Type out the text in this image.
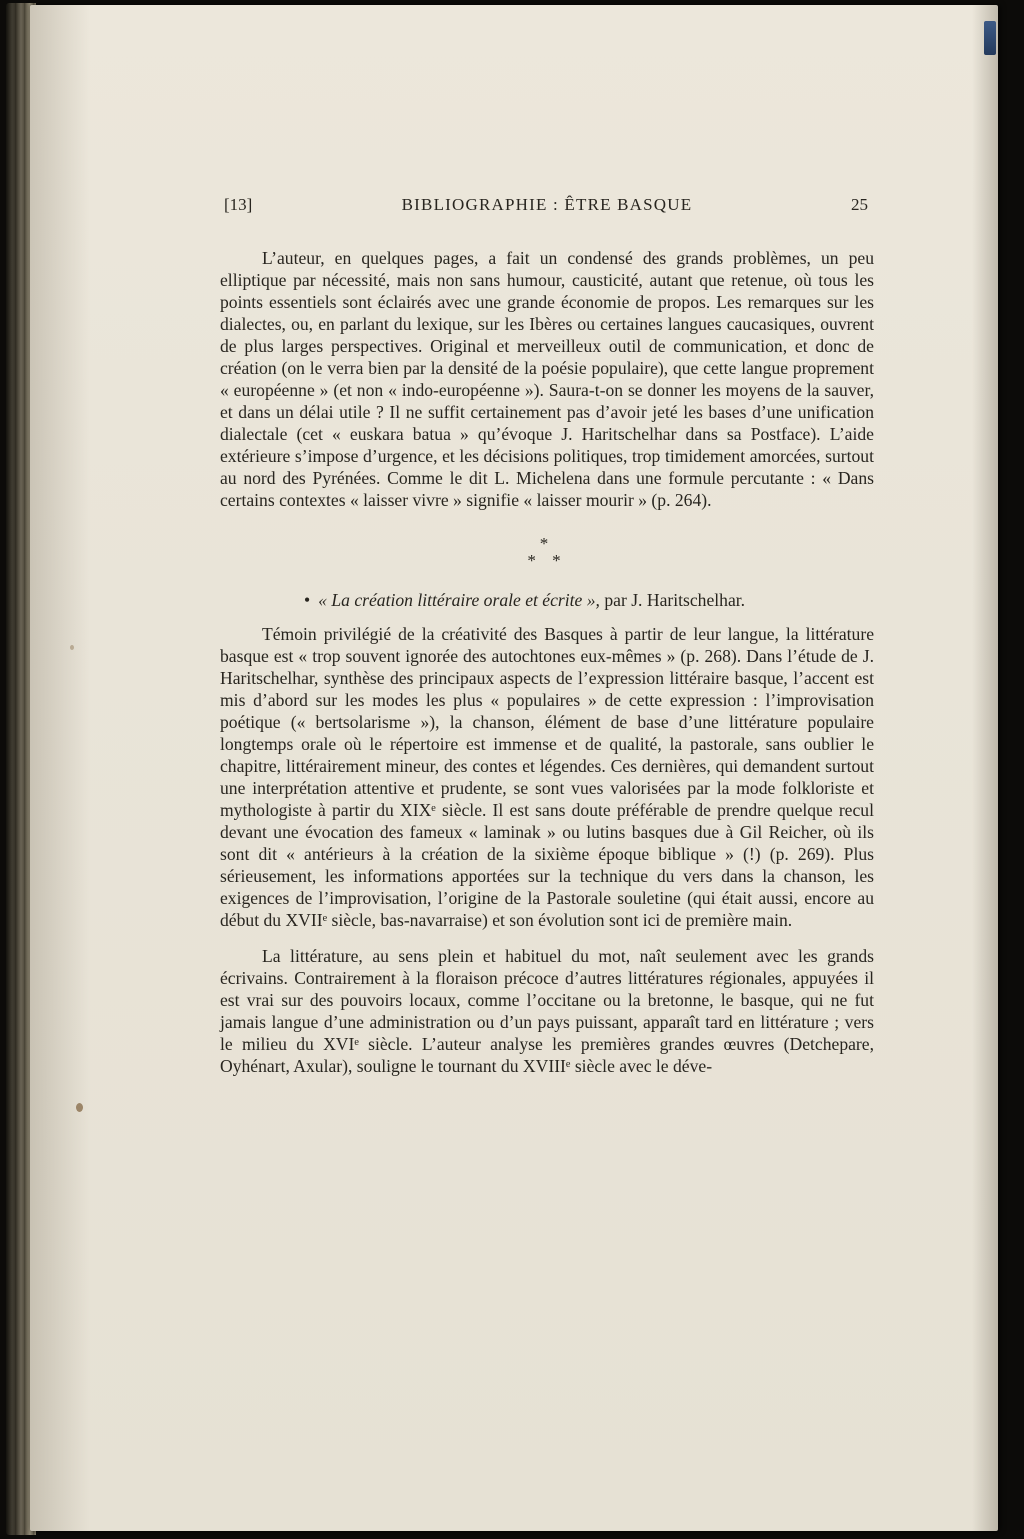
[13]	BIBLIOGRAPHIE : ÊTRE BASQUE	25

L’auteur, en quelques pages, a fait un condensé des grands problèmes, un peu elliptique par nécessité, mais non sans humour, causticité, autant que retenue, où tous les points essentiels sont éclairés avec une grande économie de propos. Les remarques sur les dialectes, ou, en parlant du lexique, sur les Ibères ou certaines langues caucasiques, ouvrent de plus larges perspectives. Original et merveilleux outil de communication, et donc de création (on le verra bien par la densité de la poésie populaire), que cette langue proprement « européenne » (et non « indo-européenne »). Saura-t-on se donner les moyens de la sauver, et dans un délai utile ? Il ne suffit certainement pas d’avoir jeté les bases d’une unification dialectale (cet « euskara batua » qu’évoque J. Haritschelhar dans sa Postface). L’aide extérieure s’impose d’urgence, et les décisions politiques, trop timidement amorcées, surtout au nord des Pyrénées. Comme le dit L. Michelena dans une formule percutante : « Dans certains contextes « laisser vivre » signifie « laisser mourir » (p. 264).

*
* *

• « La création littéraire orale et écrite », par J. Haritschelhar.

Témoin privilégié de la créativité des Basques à partir de leur langue, la littérature basque est « trop souvent ignorée des autochtones eux-mêmes » (p. 268). Dans l’étude de J. Haritschelhar, synthèse des principaux aspects de l’expression littéraire basque, l’accent est mis d’abord sur les modes les plus « populaires » de cette expression : l’improvisation poétique (« bertsolarisme »), la chanson, élément de base d’une littérature populaire longtemps orale où le répertoire est immense et de qualité, la pastorale, sans oublier le chapitre, littérairement mineur, des contes et légendes. Ces dernières, qui demandent surtout une interprétation attentive et prudente, se sont vues valorisées par la mode folkloriste et mythologiste à partir du XIXᵉ siècle. Il est sans doute préférable de prendre quelque recul devant une évocation des fameux « laminak » ou lutins basques due à Gil Reicher, où ils sont dit « antérieurs à la création de la sixième époque biblique » (!) (p. 269). Plus sérieusement, les informations apportées sur la technique du vers dans la chanson, les exigences de l’improvisation, l’origine de la Pastorale souletine (qui était aussi, encore au début du XVIIᵉ siècle, bas-navarraise) et son évolution sont ici de première main.

La littérature, au sens plein et habituel du mot, naît seulement avec les grands écrivains. Contrairement à la floraison précoce d’autres littératures régionales, appuyées il est vrai sur des pouvoirs locaux, comme l’occitane ou la bretonne, le basque, qui ne fut jamais langue d’une administration ou d’un pays puissant, apparaît tard en littérature ; vers le milieu du XVIᵉ siècle. L’auteur analyse les premières grandes œuvres (Detchepare, Oyhénart, Axular), souligne le tournant du XVIIIᵉ siècle avec le déve-
